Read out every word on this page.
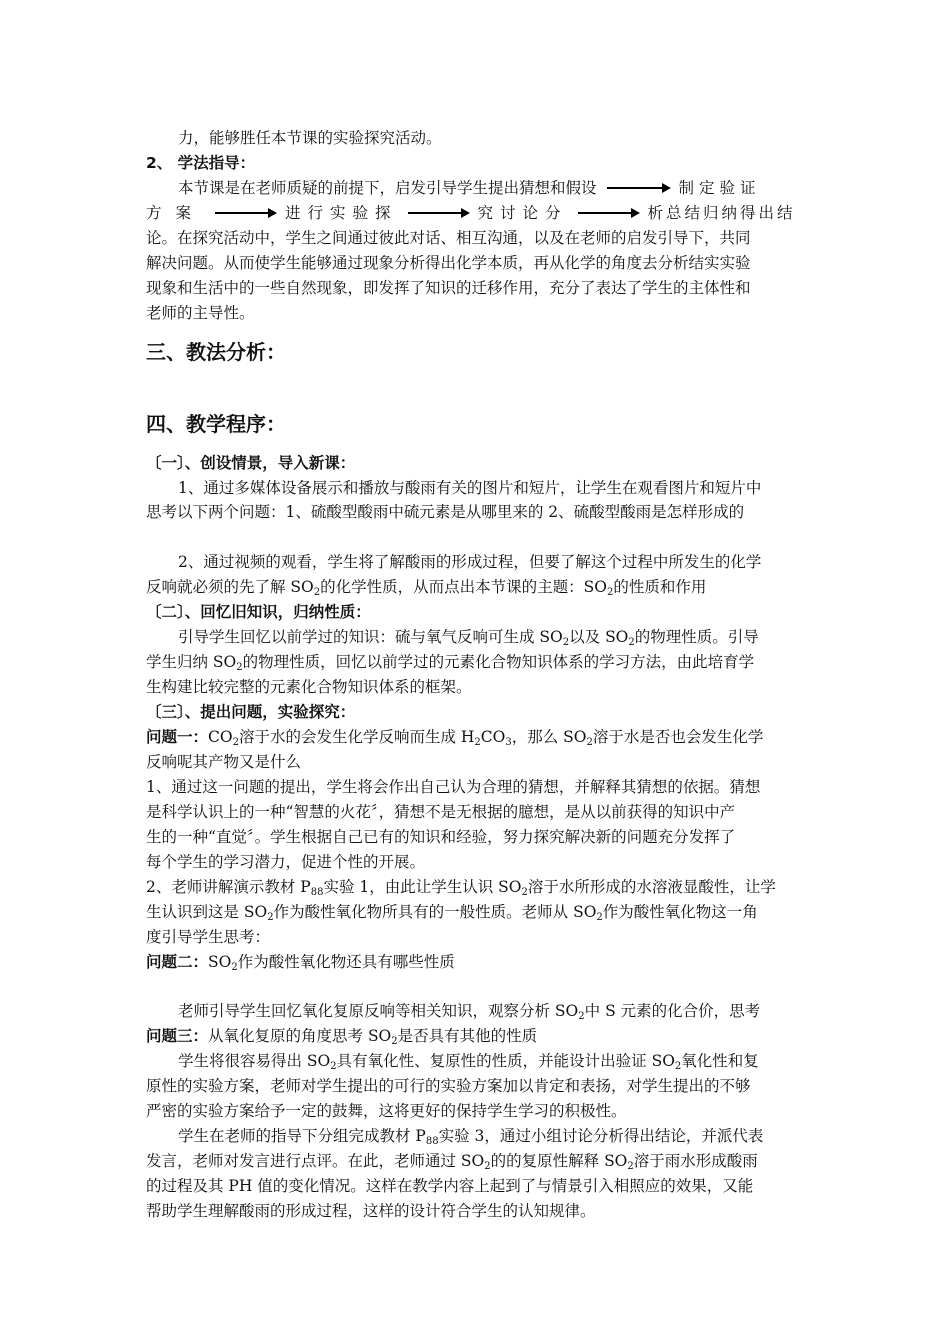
力，能够胜任本节课的实验探究活动。
2、 学法指导：
本节课是在老师质疑的前提下，启发引导学生提出猜想和假设	制定验证
方案	进行实验探	究讨论分	析总结归纳得出结
论。在探究活动中，学生之间通过彼此对话、相互沟通，以及在老师的启发引导下，共同
解决问题。从而使学生能够通过现象分析得出化学本质，再从化学的角度去分析结实实验
现象和生活中的一些自然现象，即发挥了知识的迁移作用，充分了表达了学生的主体性和
老师的主导性。
三、教法分析：
四、教学程序：
〔一〕、创设情景，导入新课：
1、通过多媒体设备展示和播放与酸雨有关的图片和短片，让学生在观看图片和短片中
思考以下两个问题：1、硫酸型酸雨中硫元素是从哪里来的 2、硫酸型酸雨是怎样形成的
2、通过视频的观看，学生将了解酸雨的形成过程，但要了解这个过程中所发生的化学
反响就必须的先了解 $SO_2$的化学性质，从而点出本节课的主题：$SO_2$的性质和作用
〔二〕、回忆旧知识，归纳性质：
引导学生回忆以前学过的知识：硫与氧气反响可生成 $SO_2$以及 $SO_2$的物理性质。引导
学生归纳 $SO_2$的物理性质，回忆以前学过的元素化合物知识体系的学习方法，由此培育学
生构建比较完整的元素化合物知识体系的框架。
〔三〕、提出问题，实验探究：
问题一：$CO_2$溶于水的会发生化学反响而生成 $H_2CO_3$，那么 $SO_2$溶于水是否也会发生化学
反响呢其产物又是什么
1、通过这一问题的提出，学生将会作出自己认为合理的猜想，并解释其猜想的依据。猜想
是科学认识上的一种“智慧的火花〞，猜想不是无根据的臆想，是从以前获得的知识中产
生的一种“直觉〞。学生根据自己已有的知识和经验，努力探究解决新的问题充分发挥了
每个学生的学习潜力，促进个性的开展。
2、老师讲解演示教材 $P_{88}$实验 1，由此让学生认识 $SO_2$溶于水所形成的水溶液显酸性，让学
生认识到这是 $SO_2$作为酸性氧化物所具有的一般性质。老师从 $SO_2$作为酸性氧化物这一角
度引导学生思考：
问题二：$SO_2$作为酸性氧化物还具有哪些性质
老师引导学生回忆氧化复原反响等相关知识，观察分析 $SO_2$中 S 元素的化合价，思考
问题三：从氧化复原的角度思考 $SO_2$是否具有其他的性质
学生将很容易得出 $SO_2$具有氧化性、复原性的性质，并能设计出验证 $SO_2$氧化性和复
原性的实验方案，老师对学生提出的可行的实验方案加以肯定和表扬，对学生提出的不够
严密的实验方案给予一定的鼓舞，这将更好的保持学生学习的积极性。
学生在老师的指导下分组完成教材 $P_{88}$实验 3，通过小组讨论分析得出结论，并派代表
发言，老师对发言进行点评。在此，老师通过 $SO_2$的的复原性解释 $SO_2$溶于雨水形成酸雨
的过程及其 PH 值的变化情况。这样在教学内容上起到了与情景引入相照应的效果，又能
帮助学生理解酸雨的形成过程，这样的设计符合学生的认知规律。
